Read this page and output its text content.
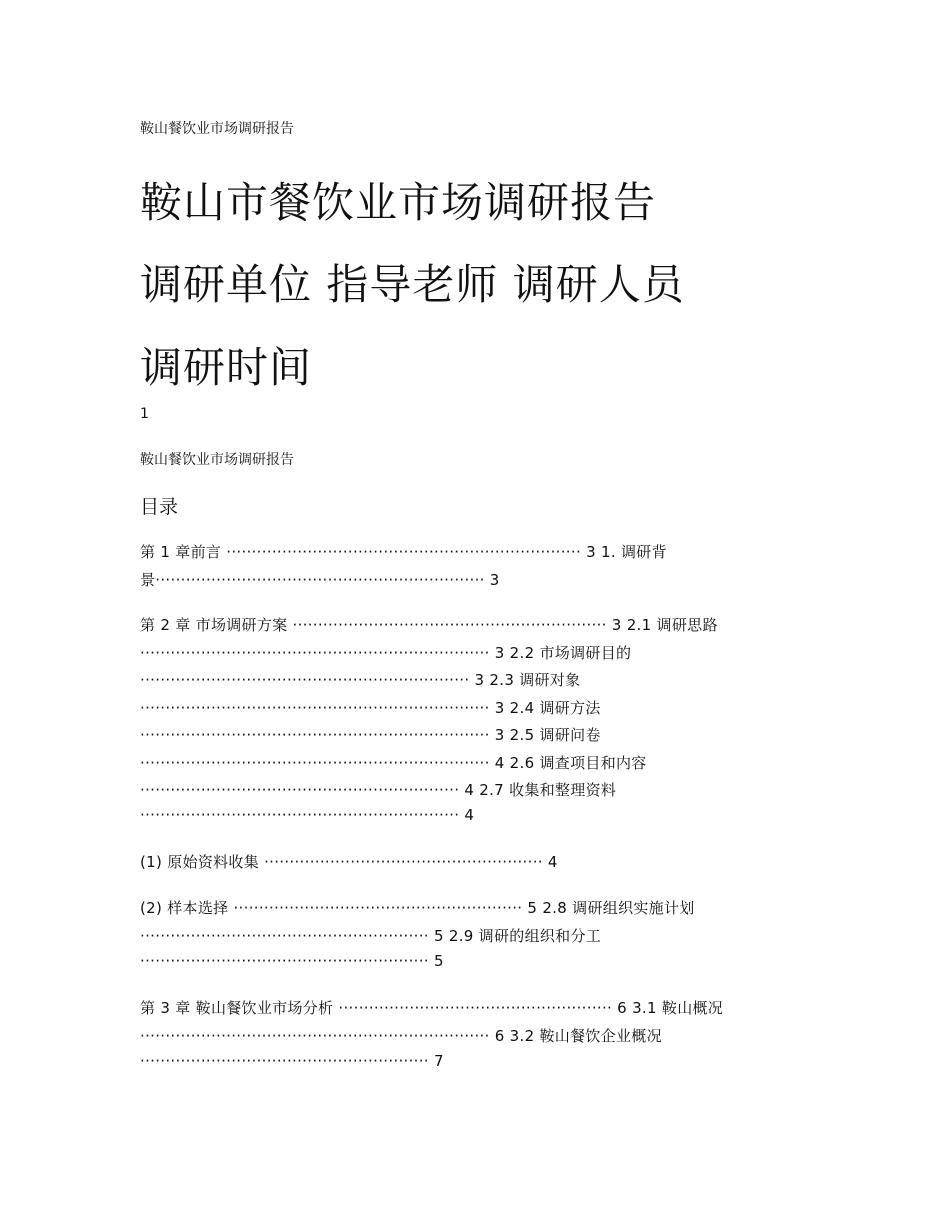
鞍山餐饮业市场调研报告
鞍山市餐饮业市场调研报告
调研单位 指导老师 调研人员
调研时间
1
鞍山餐饮业市场调研报告
目录
第 1 章前言 ······································································ 3 1. 调研背
景································································· 3
第 2 章 市场调研方案 ······························································ 3 2.1 调研思路
····································································· 3 2.2 市场调研目的
································································· 3 2.3 调研对象
····································································· 3 2.4 调研方法
····································································· 3 2.5 调研问卷
····································································· 4 2.6 调查项目和内容
······························································· 4 2.7 收集和整理资料
······························································· 4
(1) 原始资料收集 ······················································· 4
(2) 样本选择 ························································· 5 2.8 调研组织实施计划
························································· 5 2.9 调研的组织和分工
························································· 5
第 3 章 鞍山餐饮业市场分析 ······················································ 6 3.1 鞍山概况
····································································· 6 3.2 鞍山餐饮企业概况
························································· 7
